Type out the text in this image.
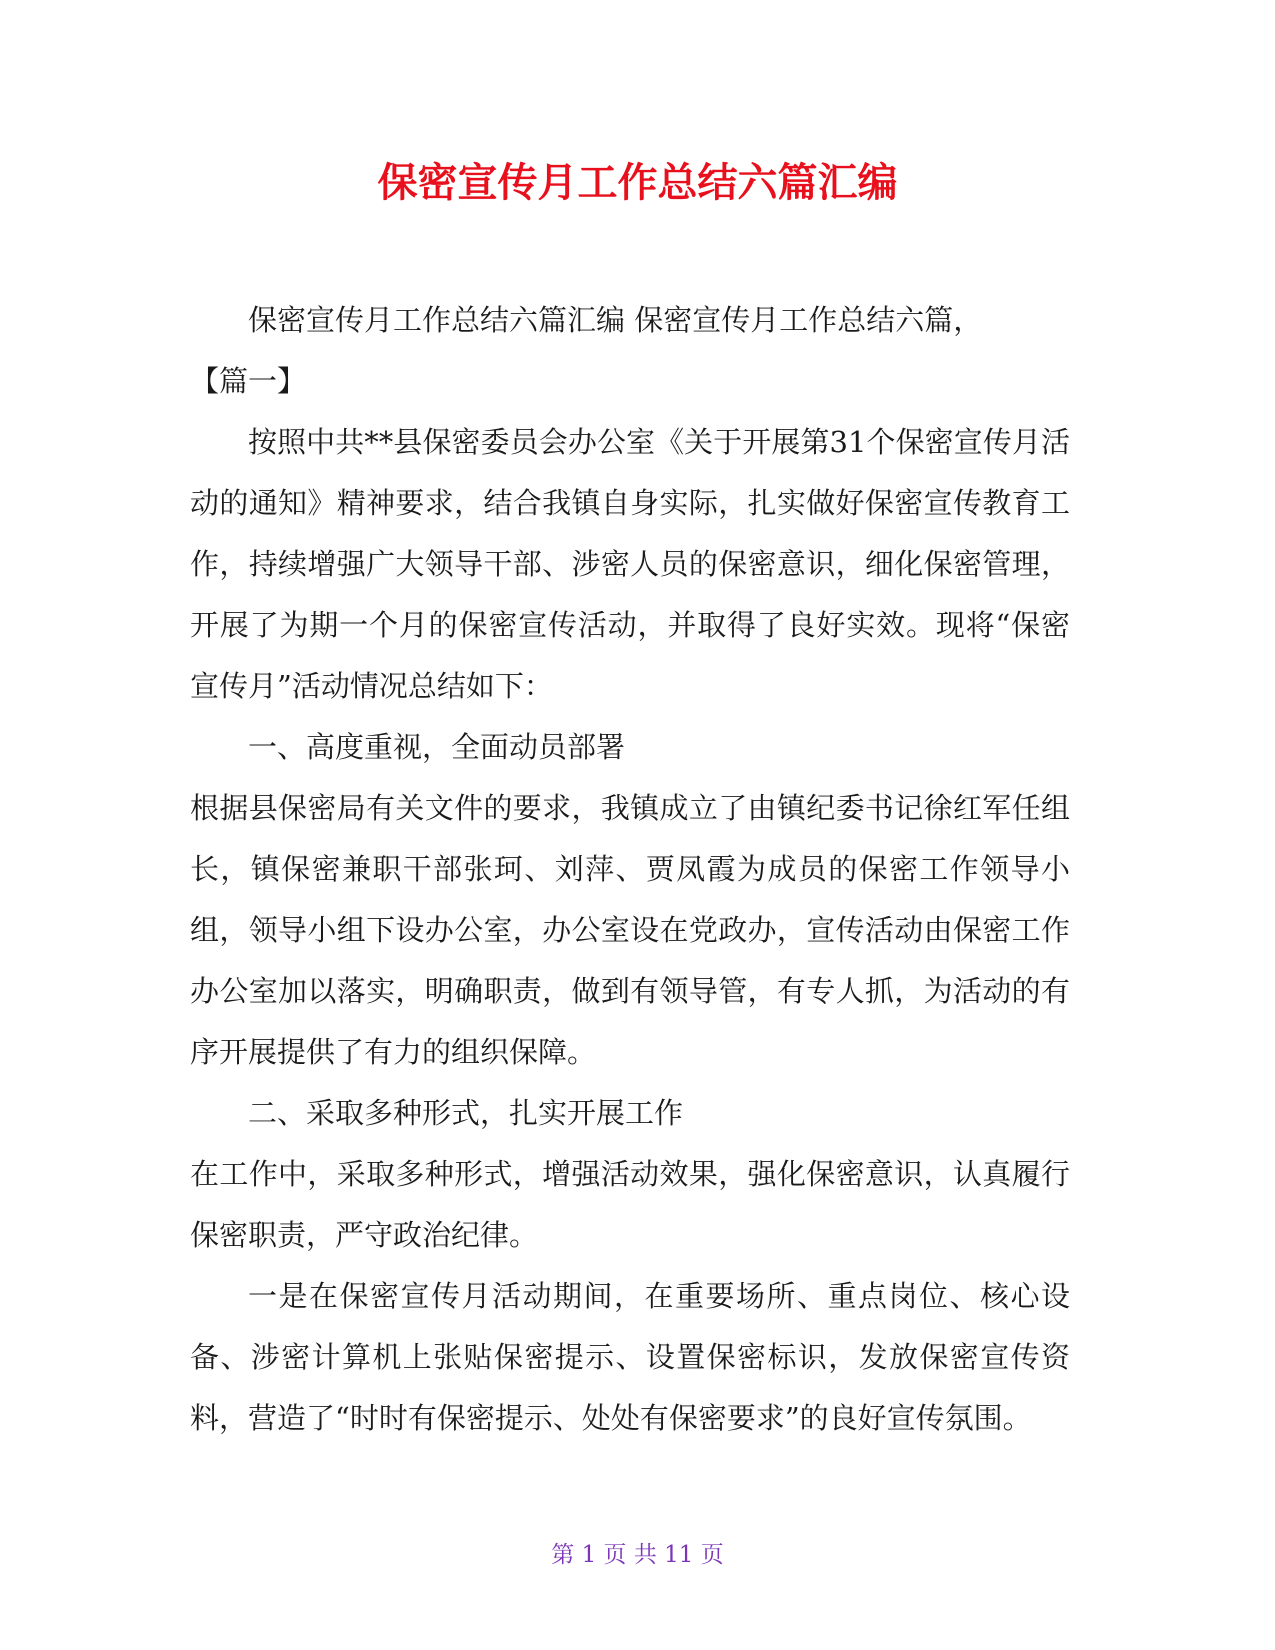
保密宣传月工作总结六篇汇编

保密宣传月工作总结六篇汇编 保密宣传月工作总结六篇，

【篇一】

按照中共**县保密委员会办公室《关于开展第31个保密宣传月活动的通知》精神要求，结合我镇自身实际，扎实做好保密宣传教育工作，持续增强广大领导干部、涉密人员的保密意识，细化保密管理，开展了为期一个月的保密宣传活动，并取得了良好实效。现将“保密宣传月”活动情况总结如下：

一、高度重视，全面动员部署

根据县保密局有关文件的要求，我镇成立了由镇纪委书记徐红军任组长，镇保密兼职干部张珂、刘萍、贾凤霞为成员的保密工作领导小组，领导小组下设办公室，办公室设在党政办，宣传活动由保密工作办公室加以落实，明确职责，做到有领导管，有专人抓，为活动的有序开展提供了有力的组织保障。

二、采取多种形式，扎实开展工作

在工作中，采取多种形式，增强活动效果，强化保密意识，认真履行保密职责，严守政治纪律。

一是在保密宣传月活动期间，在重要场所、重点岗位、核心设备、涉密计算机上张贴保密提示、设置保密标识，发放保密宣传资料，营造了“时时有保密提示、处处有保密要求”的良好宣传氛围。

第 1 页 共 11 页
